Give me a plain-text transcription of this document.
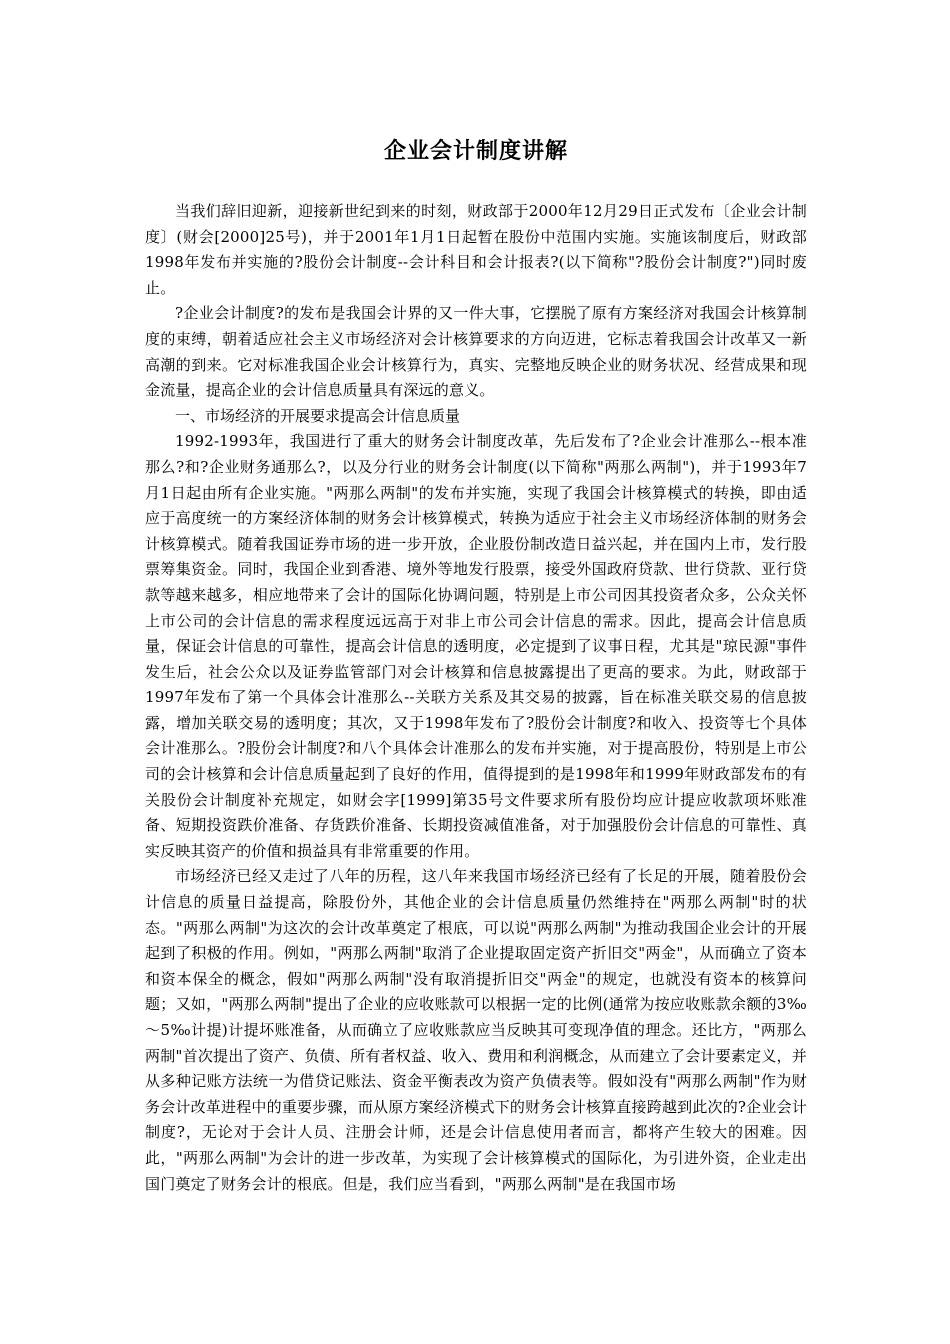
企业会计制度讲解

当我们辞旧迎新，迎接新世纪到来的时刻，财政部于2000年12月29日正式发布〔企业会计制度〕(财会[2000]25号)，并于2001年1月1日起暂在股份中范围内实施。实施该制度后，财政部1998年发布并实施的?股份会计制度--会计科目和会计报表?(以下简称"?股份会计制度?")同时废止。

?企业会计制度?的发布是我国会计界的又一件大事，它摆脱了原有方案经济对我国会计核算制度的束缚，朝着适应社会主义市场经济对会计核算要求的方向迈进，它标志着我国会计改革又一新高潮的到来。它对标准我国企业会计核算行为，真实、完整地反映企业的财务状况、经营成果和现金流量，提高企业的会计信息质量具有深远的意义。

一、市场经济的开展要求提高会计信息质量

1992-1993年，我国进行了重大的财务会计制度改革，先后发布了?企业会计准那么--根本准那么?和?企业财务通那么?，以及分行业的财务会计制度(以下简称"两那么两制")，并于1993年7月1日起由所有企业实施。"两那么两制"的发布并实施，实现了我国会计核算模式的转换，即由适应于高度统一的方案经济体制的财务会计核算模式，转换为适应于社会主义市场经济体制的财务会计核算模式。随着我国证券市场的进一步开放，企业股份制改造日益兴起，并在国内上市，发行股票筹集资金。同时，我国企业到香港、境外等地发行股票，接受外国政府贷款、世行贷款、亚行贷款等越来越多，相应地带来了会计的国际化协调问题，特别是上市公司因其投资者众多，公众关怀上市公司的会计信息的需求程度远远高于对非上市公司会计信息的需求。因此，提高会计信息质量，保证会计信息的可靠性，提高会计信息的透明度，必定提到了议事日程，尤其是"琼民源"事件发生后，社会公众以及证券监管部门对会计核算和信息披露提出了更高的要求。为此，财政部于1997年发布了第一个具体会计准那么--关联方关系及其交易的披露，旨在标准关联交易的信息披露，增加关联交易的透明度；其次，又于1998年发布了?股份会计制度?和收入、投资等七个具体会计准那么。?股份会计制度?和八个具体会计准那么的发布并实施，对于提高股份，特别是上市公司的会计核算和会计信息质量起到了良好的作用，值得提到的是1998年和1999年财政部发布的有关股份会计制度补充规定，如财会字[1999]第35号文件要求所有股份均应计提应收款项坏账准备、短期投资跌价准备、存货跌价准备、长期投资减值准备，对于加强股份会计信息的可靠性、真实反映其资产的价值和损益具有非常重要的作用。

市场经济已经又走过了八年的历程，这八年来我国市场经济已经有了长足的开展，随着股份会计信息的质量日益提高，除股份外，其他企业的会计信息质量仍然维持在"两那么两制"时的状态。"两那么两制"为这次的会计改革奠定了根底，可以说"两那么两制"为推动我国企业会计的开展起到了积极的作用。例如，"两那么两制"取消了企业提取固定资产折旧交"两金"，从而确立了资本和资本保全的概念，假如"两那么两制"没有取消提折旧交"两金"的规定，也就没有资本的核算问题；又如，"两那么两制"提出了企业的应收账款可以根据一定的比例(通常为按应收账款余额的3‰～5‰计提)计提坏账准备，从而确立了应收账款应当反映其可变现净值的理念。还比方，"两那么两制"首次提出了资产、负债、所有者权益、收入、费用和利润概念，从而建立了会计要素定义，并从多种记账方法统一为借贷记账法、资金平衡表改为资产负债表等。假如没有"两那么两制"作为财务会计改革进程中的重要步骤，而从原方案经济模式下的财务会计核算直接跨越到此次的?企业会计制度?，无论对于会计人员、注册会计师，还是会计信息使用者而言，都将产生较大的困难。因此，"两那么两制"为会计的进一步改革，为实现了会计核算模式的国际化，为引进外资，企业走出国门奠定了财务会计的根底。但是，我们应当看到，"两那么两制"是在我国市场
